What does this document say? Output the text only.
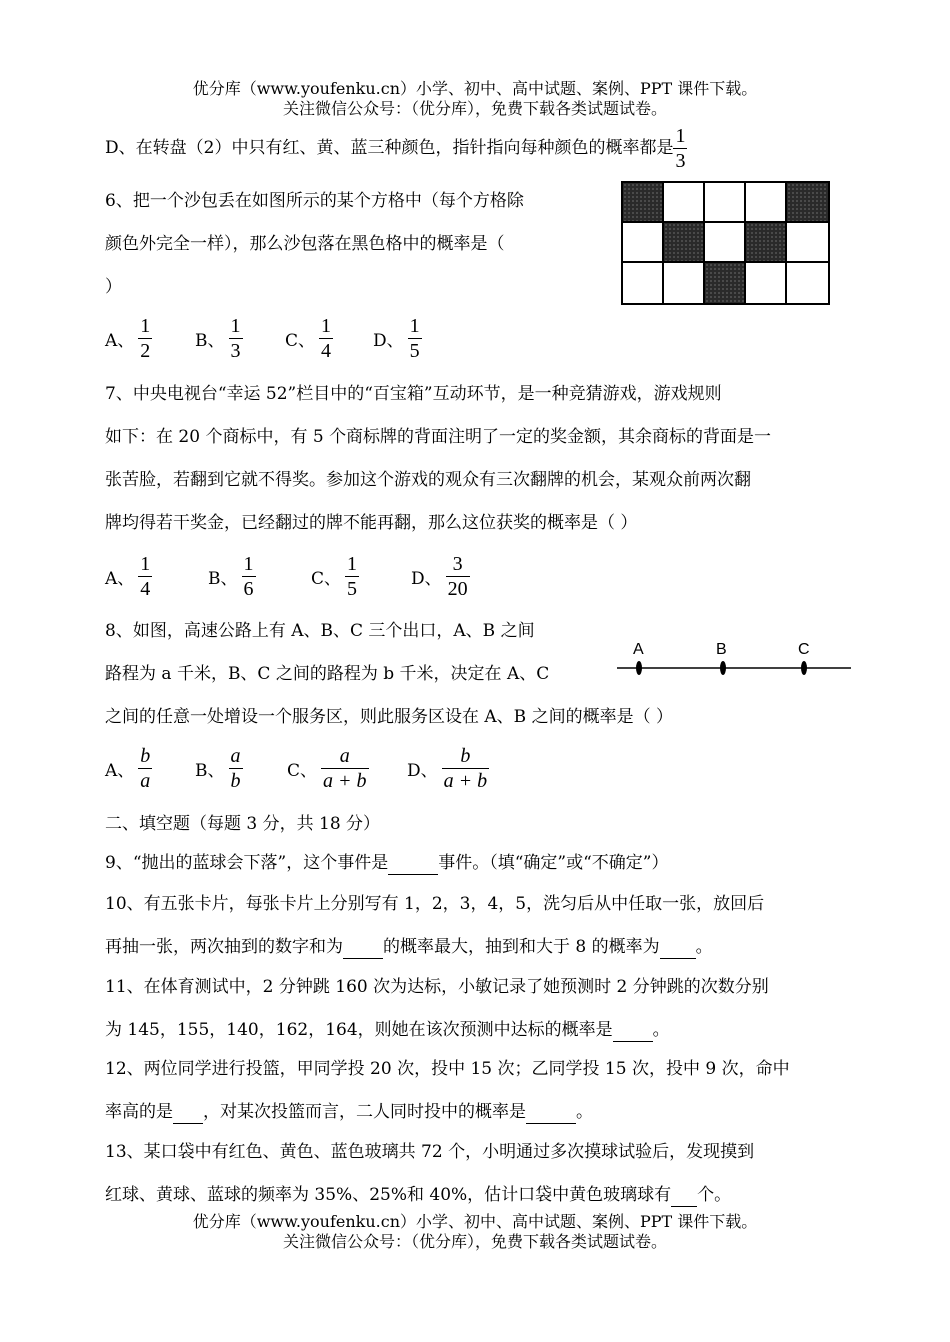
优分库（www.youfenku.cn）小学、初中、高中试题、案例、PPT 课件下载。
关注微信公众号：（优分库），免费下载各类试题试卷。
D、在转盘（2）中只有红、黄、蓝三种颜色，指针指向每种颜色的概率都是 $\frac{1}{3}$
6、把一个沙包丢在如图所示的某个方格中（每个方格除
颜色外完全一样），那么沙包落在黑色格中的概率是（
）
A、 $\frac{1}{2}$	B、 $\frac{1}{3}$	C、 $\frac{1}{4}$ D、 $\frac{1}{5}$
7、中央电视台“幸运 52”栏目中的“百宝箱”互动环节，是一种竞猜游戏，游戏规则
如下：在 20 个商标中，有 5 个商标牌的背面注明了一定的奖金额，其余商标的背面是一
张苦脸，若翻到它就不得奖。参加这个游戏的观众有三次翻牌的机会，某观众前两次翻
牌均得若干奖金，已经翻过的牌不能再翻，那么这位获奖的概率是（ ）
A、 $\frac{1}{4}$	B、 $\frac{1}{6}$	C、 $\frac{1}{5}$	D、 $\frac{3}{20}$
8、如图，高速公路上有 A、B、C 三个出口，A、B 之间
路程为 a 千米，B、C 之间的路程为 b 千米，决定在 A、C
之间的任意一处增设一个服务区，则此服务区设在 A、B 之间的概率是（ ）
A	B	C
A、 $\frac{b}{a}$	B、 $\frac{a}{b}$	C、 $\frac{a}{a + b}$ D、 $\frac{b}{a + b}$
二、填空题（每题 3 分，共 18 分）
9、“抛出的蓝球会下落”，这个事件是	事件。（填“确定”或“不确定”）
10、有五张卡片，每张卡片上分别写有 1，2，3，4，5，洗匀后从中任取一张，放回后
再抽一张，两次抽到的数字和为 的概率最大，抽到和大于 8 的概率为 。
11、在体育测试中，2 分钟跳 160 次为达标，小敏记录了她预测时 2 分钟跳的次数分别
为 145，155，140，162，164，则她在该次预测中达标的概率是 。
12、两位同学进行投篮，甲同学投 20 次，投中 15 次；乙同学投 15 次，投中 9 次，命中
率高的是 ，对某次投篮而言，二人同时投中的概率是	。
13、某口袋中有红色、黄色、蓝色玻璃共 72 个，小明通过多次摸球试验后，发现摸到
红球、黄球、蓝球的频率为 35%、25%和 40%，估计口袋中黄色玻璃球有 个。
优分库（www.youfenku.cn）小学、初中、高中试题、案例、PPT 课件下载。
关注微信公众号：（优分库），免费下载各类试题试卷。
